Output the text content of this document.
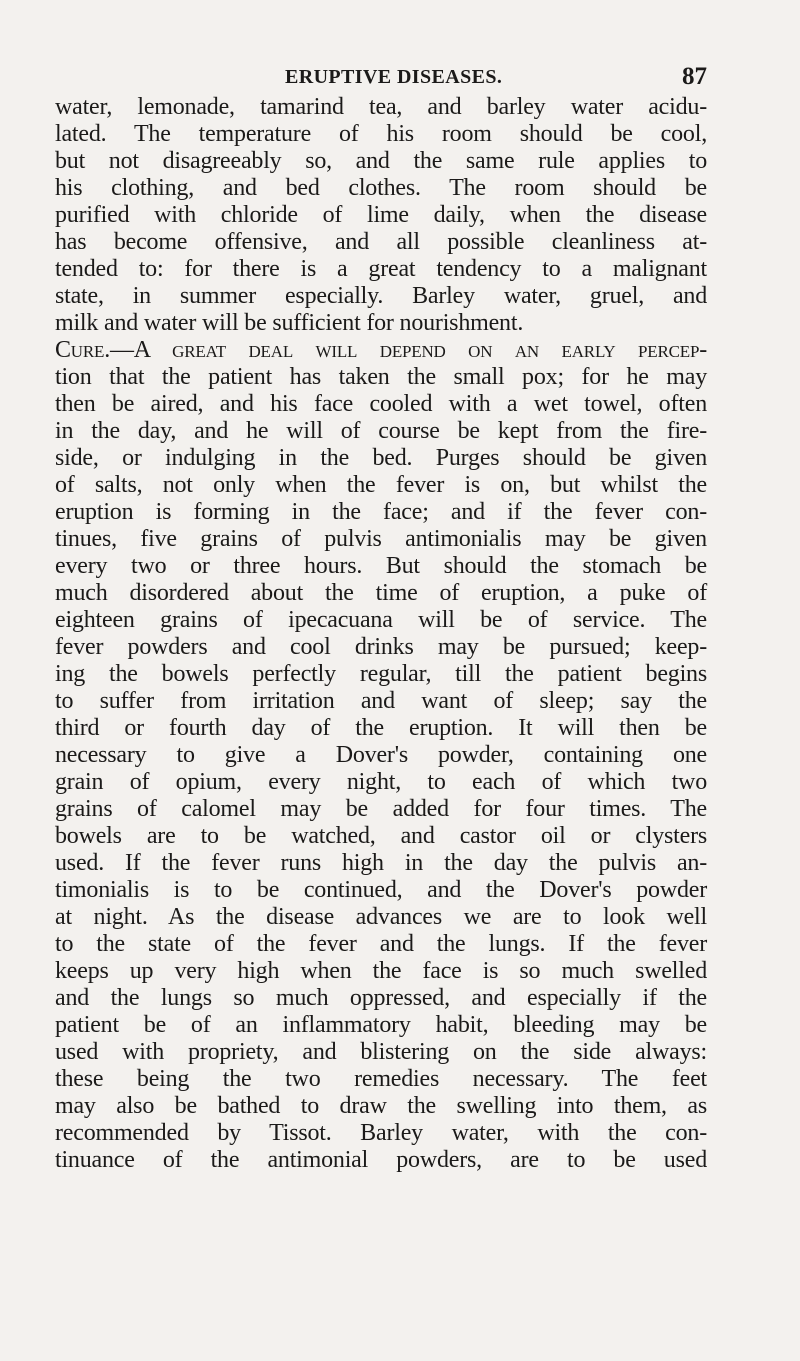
ERUPTIVE DISEASES.	87
water, lemonade, tamarind tea, and barley water acidu-
lated. The temperature of his room should be cool,
but not disagreeably so, and the same rule applies to
his clothing, and bed clothes. The room should be
purified with chloride of lime daily, when the disease
has become offensive, and all possible cleanliness at-
tended to: for there is a great tendency to a malignant
state, in summer especially. Barley water, gruel, and
milk and water will be sufficient for nourishment.
Cure.—A great deal will depend on an early percep-
tion that the patient has taken the small pox; for he may
then be aired, and his face cooled with a wet towel, often
in the day, and he will of course be kept from the fire-
side, or indulging in the bed. Purges should be given
of salts, not only when the fever is on, but whilst the
eruption is forming in the face; and if the fever con-
tinues, five grains of pulvis antimonialis may be given
every two or three hours. But should the stomach be
much disordered about the time of eruption, a puke of
eighteen grains of ipecacuana will be of service. The
fever powders and cool drinks may be pursued; keep-
ing the bowels perfectly regular, till the patient begins
to suffer from irritation and want of sleep; say the
third or fourth day of the eruption. It will then be
necessary to give a Dover's powder, containing one
grain of opium, every night, to each of which two
grains of calomel may be added for four times. The
bowels are to be watched, and castor oil or clysters
used. If the fever runs high in the day the pulvis an-
timonialis is to be continued, and the Dover's powder
at night. As the disease advances we are to look well
to the state of the fever and the lungs. If the fever
keeps up very high when the face is so much swelled
and the lungs so much oppressed, and especially if the
patient be of an inflammatory habit, bleeding may be
used with propriety, and blistering on the side always:
these being the two remedies necessary. The feet
may also be bathed to draw the swelling into them, as
recommended by Tissot. Barley water, with the con-
tinuance of the antimonial powders, are to be used
